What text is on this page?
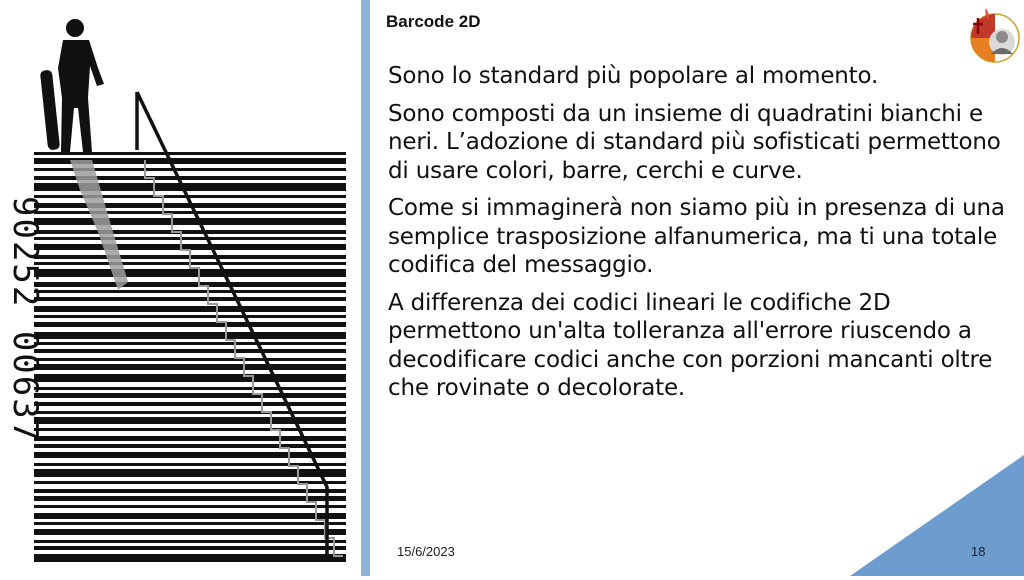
90252 00637
Barcode 2D

Sono lo standard più popolare al momento.

Sono composti da un insieme di quadratini bianchi e neri. L’adozione di standard più sofisticati permettono di usare colori, barre, cerchi e curve.

Come si immaginerà non siamo più in presenza di una semplice trasposizione alfanumerica, ma ti una totale codifica del messaggio.

A differenza dei codici lineari le codifiche 2D permettono un'alta tolleranza all'errore riuscendo a decodificare codici anche con porzioni mancanti oltre che rovinate o decolorate.

15/6/2023	18
